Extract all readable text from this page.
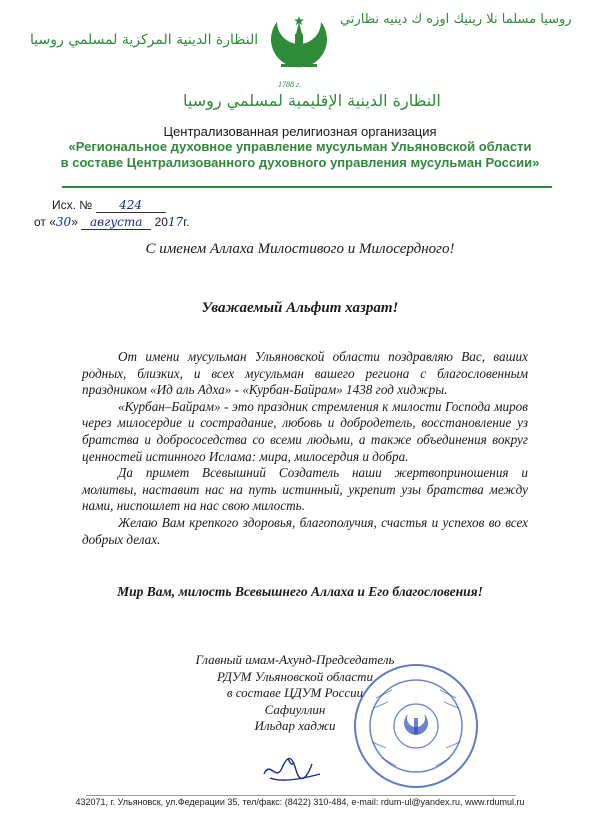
روسيا مسلما نلا رينيك اوزه ك دينيه نظارتي
النظارة الدينية المركزية لمسلمي روسيا
1788 г.
النظارة الدينية الإقليمية لمسلمي روسيا
Централизованная религиозная организация
«Региональное духовное управление мусульман Ульяновской области
в составе Централизованного духовного управления мусульман России»
Исх. № 424
от «30» августа 2017г.
С именем Аллаха Милостивого и Милосердного!
Уважаемый Альфит хазрат!

От имени мусульман Ульяновской области поздравляю Вас, ваших родных, близких, и всех мусульман вашего региона с благословенным праздником «Ид аль Адха» - «Курбан-Байрам» 1438 год хиджры.

«Курбан–Байрам» - это праздник стремления к милости Господа миров через милосердие и сострадание, любовь и добродетель, восстановление уз братства и добрососедства со всеми людьми, а также объединения вокруг ценностей истинного Ислама: мира, милосердия и добра.

Да примет Всевышний Создатель наши жертвоприношения и молитвы, наставит нас на путь истинный, укрепит узы братства между нами, ниспошлет на нас свою милость.

Желаю Вам крепкого здоровья, благополучия, счастья и успехов во всех добрых делах.

Мир Вам, милость Всевышнего Аллаха и Его благословения!
Главный имам-Ахунд-Председатель
РДУМ Ульяновской области
в составе ЦДУМ России
Сафиуллин
Ильдар хаджи
432071, г. Ульяновск, ул.Федерации 35, тел/факс: (8422) 310-484, e-mail: rdum-ul@yandex.ru, www.rdumul.ru
